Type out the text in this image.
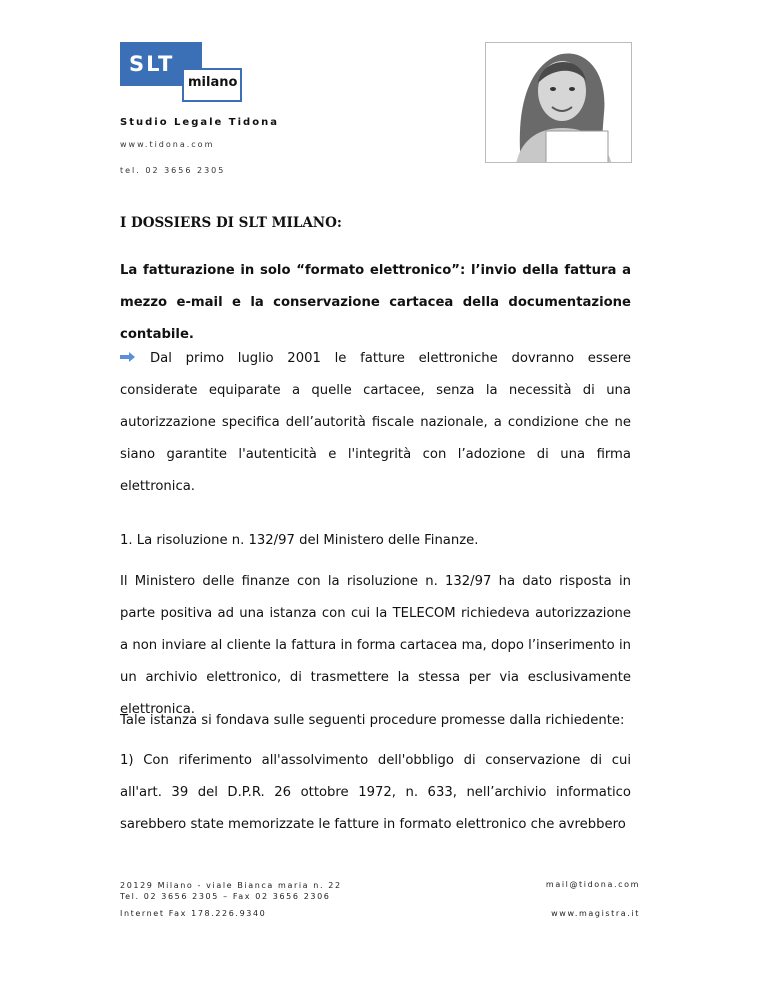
SLT
milano
Studio Legale Tidona
www.tidona.com
tel. 02 3656 2305
I DOSSIERS DI SLT MILANO:
La fatturazione in solo “formato elettronico”: l’invio della fattura a mezzo e-mail e la conservazione cartacea della documentazione contabile.
Dal primo luglio 2001 le fatture elettroniche dovranno essere considerate equiparate a quelle cartacee, senza la necessità di una autorizzazione specifica dell’autorità fiscale nazionale, a condizione che ne siano garantite l'autenticità e l'integrità con l’adozione di una firma elettronica.
1. La risoluzione n. 132/97 del Ministero delle Finanze.
Il Ministero delle finanze con la risoluzione n. 132/97 ha dato risposta in parte positiva ad una istanza con cui la TELECOM richiedeva autorizzazione a non inviare al cliente la fattura in forma cartacea ma, dopo l’inserimento in un archivio elettronico, di trasmettere la stessa per via esclusivamente elettronica.
Tale istanza si fondava sulle seguenti procedure promesse dalla richiedente:
1) Con riferimento all'assolvimento dell'obbligo di conservazione di cui all'art. 39 del D.P.R. 26 ottobre 1972, n. 633, nell’archivio informatico sarebbero state memorizzate le fatture in formato elettronico che avrebbero
20129 Milano - viale Bianca maria n. 22
Tel. 02 3656 2305 – Fax 02 3656 2306
Internet Fax 178.226.9340
mail@tidona.com
www.magistra.it
